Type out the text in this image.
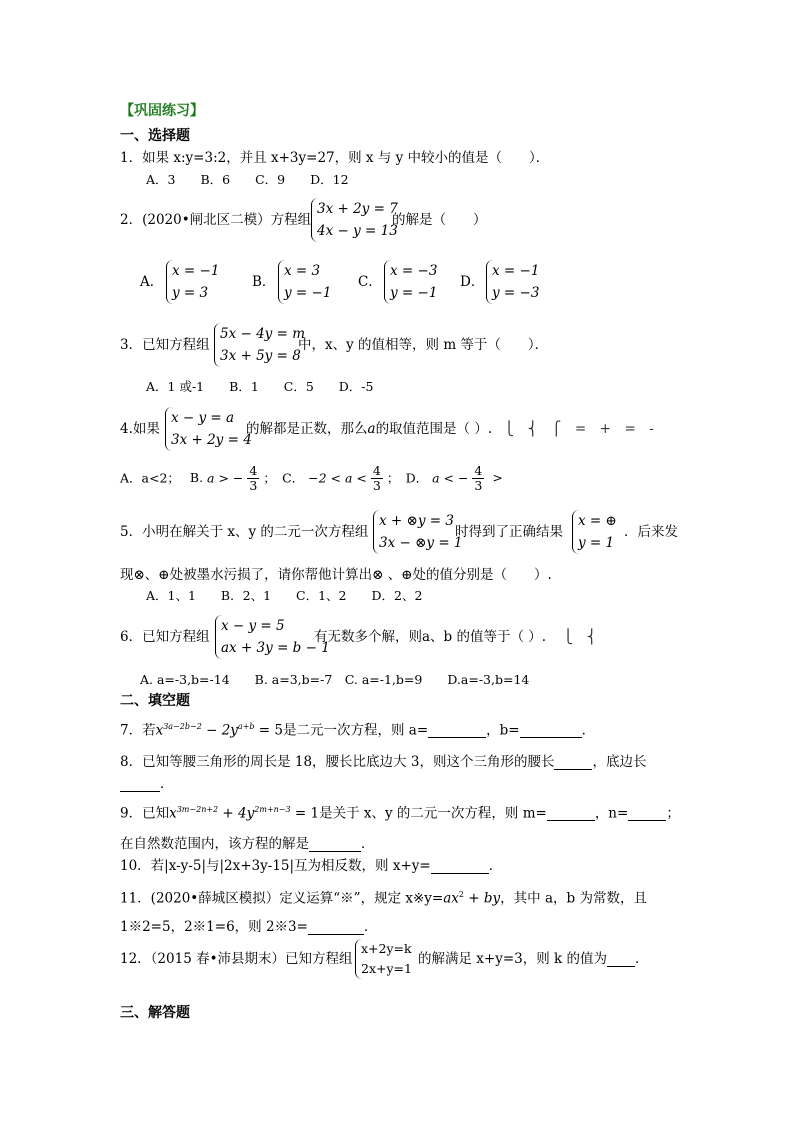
【巩固练习】
一、选择题
1．如果 x:y=3:2，并且 x+3y=27，则 x 与 y 中较小的值是（　　）．
A．3　　B．6　　C．9　　D．12
2．(2020•闸北区二模）方程组
3x + 2y = 7
4x − y = 13
的解是（　　）
A．
x = −1
y = 3
B．
x = 3
y = −1
C．
x = −3
y = −1
D．
x = −1
y = −3
3．已知方程组
5x − 4y = m
3x + 5y = 8
中，x、y 的值相等，则 m 等于（　　）．
A．1 或-1　　B．1　　C．5　　D．-5
4.如果
x − y = a
3x + 2y = 4
的解都是正数，那么a的取值范围是（ ）. ⎩　⎨　⎧　=　+　=　-
A．a<2； B. a > − $\frac{4}{3}$ ；　C． $-2 < a < \frac{4}{3}$ ；　D． a < − $\frac{4}{3}$ >
5．小明在解关于 x、y 的二元一次方程组
x + ⊗y = 3
3x − ⊗y = 1
时得到了正确结果
x = ⊕
y = 1
．后来发
现⊗、⊕处被墨水污损了，请你帮他计算出⊗ 、⊕处的值分别是（　　）.
A．1、1　　B．2、1　　C．1、2　　D．2、2
6．已知方程组
x − y = 5
ax + 3y = b − 1
有无数多个解，则a、b 的值等于（ ）. ⎩　⎨
A. a=-3,b=-14　　B. a=3,b=-7　C. a=-1,b=9　　D.a=-3,b=14
二、填空题
7．若$x^{3a-2b-2} - 2y^{a+b} = 5$是二元一次方程，则 a=	，b=	．
8．已知等腰三角形的周长是 18，腰长比底边大 3，则这个三角形的腰长	，底边长
．
9．已知$x^{3m-2n+2} + 4y^{2m+n-3} = 1$是关于 x、y 的二元一次方程，则 m=	，n=	；
在自然数范围内，该方程的解是	．
10．若|x-y-5|与|2x+3y-15|互为相反数，则 x+y=	．
11．(2020•薛城区模拟）定义运算“※”，规定 $x※y=ax^2$ + by，其中 a，b 为常数，且
1※2=5，2※1=6，则 2※3=	．
12．（2015 春•沛县期末）已知方程组
x+2y=k
2x+y=1
的解满足 x+y=3，则 k 的值为 ．
三、解答题
